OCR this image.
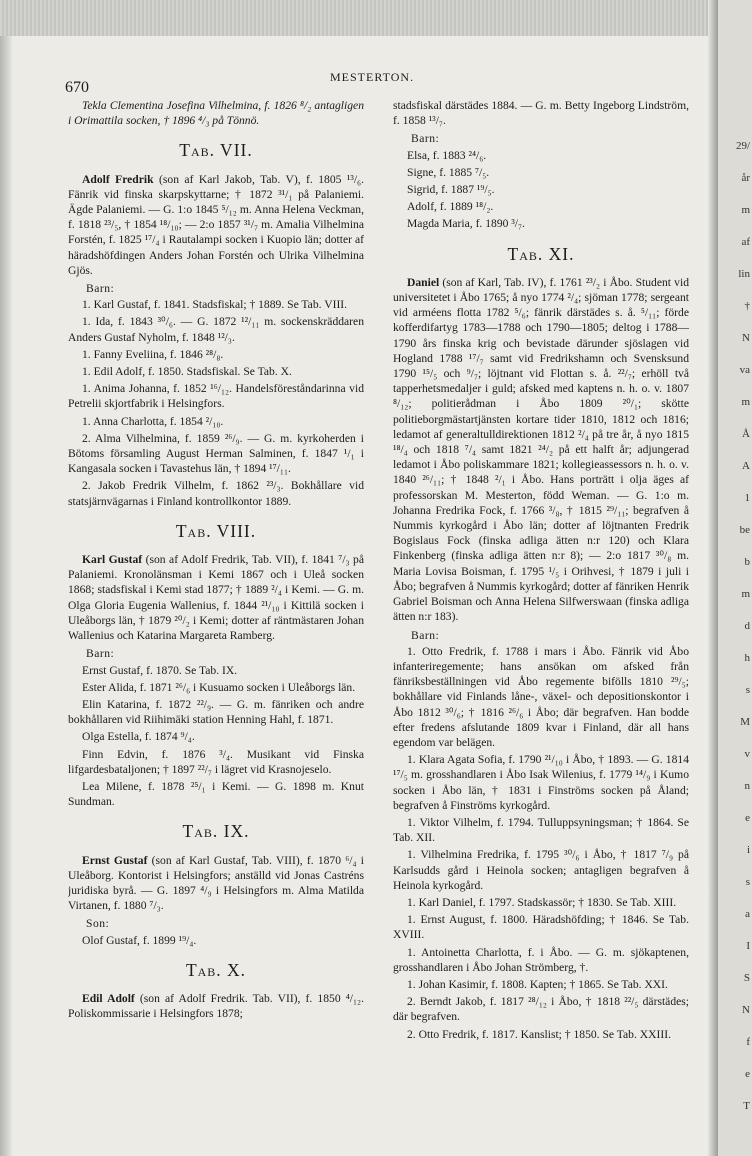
670

MESTERTON.

Tekla Clementina Josefina Vilhelmina, f. 1826 ⁸/₂ antagligen i Orimattila socken, † 1896 ⁴/₃ på Tönnö.

Tab. VII.

Adolf Fredrik (son af Karl Jakob, Tab. V), f. 1805 ¹³/₆. Fänrik vid finska skarpskyttarne; † 1872 ³¹/₁ på Palaniemi. Ägde Palaniemi. — G. 1:o 1845 ⁵/₁₂ m. Anna Helena Veckman, f. 1818 ²³/₅, † 1854 ¹⁸/₁₀; — 2:o 1857 ³¹/₇ m. Amalia Vilhelmina Forstén, f. 1825 ¹⁷/₄ i Rautalampi socken i Kuopio län; dotter af häradshöfdingen Anders Johan Forstén och Ulrika Vilhelmina Gjös.

Barn:

1. Karl Gustaf, f. 1841. Stadsfiskal; † 1889. Se Tab. VIII.

1. Ida, f. 1843 ³⁰/₆. — G. 1872 ¹²/₁₁ m. sockenskräddaren Anders Gustaf Nyholm, f. 1848 ¹²/₃.

1. Fanny Eveliina, f. 1846 ²⁸/₈.

1. Edil Adolf, f. 1850. Stadsfiskal. Se Tab. X.

1. Anima Johanna, f. 1852 ¹⁶/₁₂. Handelsföreståndarinna vid Petrelii skjortfabrik i Helsingfors.

1. Anna Charlotta, f. 1854 ²/₁₀.

2. Alma Vilhelmina, f. 1859 ²⁶/₉. — G. m. kyrkoherden i Bötoms församling August Herman Salminen, f. 1847 ¹/₁ i Kangasala socken i Tavastehus län, † 1894 ¹⁷/₁₁.

2. Jakob Fredrik Vilhelm, f. 1862 ²³/₃. Bokhållare vid statsjärnvägarnas i Finland kontrollkontor 1889.

Tab. VIII.

Karl Gustaf (son af Adolf Fredrik, Tab. VII), f. 1841 ⁷/₃ på Palaniemi. Kronolänsman i Kemi 1867 och i Uleå socken 1868; stadsfiskal i Kemi stad 1877; † 1889 ²/₄ i Kemi. — G. m. Olga Gloria Eugenia Wallenius, f. 1844 ²¹/₁₀ i Kittilä socken i Uleåborgs län, † 1879 ²⁰/₂ i Kemi; dotter af räntmästaren Johan Wallenius och Katarina Margareta Ramberg.

Barn:

Ernst Gustaf, f. 1870. Se Tab. IX.

Ester Alida, f. 1871 ²⁶/₆ i Kusuamo socken i Uleåborgs län.

Elin Katarina, f. 1872 ²²/₉. — G. m. fänriken och andre bokhållaren vid Riihimäki station Henning Hahl, f. 1871.

Olga Estella, f. 1874 ⁹/₄.

Finn Edvin, f. 1876 ³/₄. Musikant vid Finska lifgardesbataljonen; † 1897 ²²/₇ i lägret vid Krasnojeselo.

Lea Milene, f. 1878 ²⁵/₁ i Kemi. — G. 1898 m. Knut Sundman.

Tab. IX.

Ernst Gustaf (son af Karl Gustaf, Tab. VIII), f. 1870 ⁶/₄ i Uleåborg. Kontorist i Helsingfors; anställd vid Jonas Castréns juridiska byrå. — G. 1897 ⁴/₉ i Helsingfors m. Alma Matilda Virtanen, f. 1880 ⁷/₃.

Son:

Olof Gustaf, f. 1899 ¹⁹/₄.

Tab. X.

Edil Adolf (son af Adolf Fredrik. Tab. VII), f. 1850 ⁴/₁₂. Poliskommissarie i Helsingfors 1878;

stadsfiskal därstädes 1884. — G. m. Betty Ingeborg Lindström, f. 1858 ¹³/₇.

Barn:

Elsa, f. 1883 ²⁴/₆.

Signe, f. 1885 ⁷/₅.

Sigrid, f. 1887 ¹⁹/₅.

Adolf, f. 1889 ¹⁸/₂.

Magda Maria, f. 1890 ³/₇.

Tab. XI.

Daniel (son af Karl, Tab. IV), f. 1761 ²³/₂ i Åbo. Student vid universitetet i Åbo 1765; å nyo 1774 ²/₄; sjöman 1778; sergeant vid arméens flotta 1782 ⁵/₆; fänrik därstädes s. å. ⁵/₁₁; förde kofferdifartyg 1783—1788 och 1790—1805; deltog i 1788—1790 års finska krig och bevistade därunder sjöslagen vid Hogland 1788 ¹⁷/₇ samt vid Fredrikshamn och Svensksund 1790 ¹⁵/₅ och ⁹/₇; löjtnant vid Flottan s. å. ²²/₇; erhöll två tapperhetsmedaljer i guld; afsked med kaptens n. h. o. v. 1807 ⁸/₁₂; politierådman i Åbo 1809 ²⁰/₁; skötte politieborgmästartjänsten kortare tider 1810, 1812 och 1816; ledamot af generaltulldirektionen 1812 ²/₄ på tre år, å nyo 1815 ¹⁸/₄ och 1818 ⁷/₄ samt 1821 ²⁴/₂ på ett halft år; adjungerad ledamot i Åbo poliskammare 1821; kollegieassessors n. h. o. v. 1840 ²⁶/₁₁; † 1848 ²/₁ i Åbo. Hans porträtt i olja äges af professorskan M. Mesterton, född Weman. — G. 1:o m. Johanna Fredrika Fock, f. 1766 ³/₈, † 1815 ²⁹/₁₁; begrafven å Nummis kyrkogård i Åbo län; dotter af löjtnanten Fredrik Bogislaus Fock (finska adliga ätten n:r 120) och Klara Finkenberg (finska adliga ätten n:r 8); — 2:o 1817 ³⁰/₈ m. Maria Lovisa Boisman, f. 1795 ¹/₅ i Orihvesi, † 1879 i juli i Åbo; begrafven å Nummis kyrkogård; dotter af fänriken Henrik Gabriel Boisman och Anna Helena Silfwerswaan (finska adliga ätten n:r 183).

Barn:

1. Otto Fredrik, f. 1788 i mars i Åbo. Fänrik vid Åbo infanteriregemente; hans ansökan om afsked från fänriksbeställningen vid Åbo regemente bifölls 1810 ²⁹/₅; bokhållare vid Finlands låne-, växel- och depositionskontor i Åbo 1812 ³⁰/₆; † 1816 ²⁶/₆ i Åbo; där begrafven. Han bodde efter fredens afslutande 1809 kvar i Finland, där all hans egendom var belägen.

1. Klara Agata Sofia, f. 1790 ²¹/₁₀ i Åbo, † 1893. — G. 1814 ¹⁷/₅ m. grosshandlaren i Åbo Isak Wilenius, f. 1779 ¹⁴/₉ i Kumo socken i Åbo län, † 1831 i Finströms socken på Åland; begrafven å Finströms kyrkogård.

1. Viktor Vilhelm, f. 1794. Tulluppsyningsman; † 1864. Se Tab. XII.

1. Vilhelmina Fredrika, f. 1795 ³⁰/₆ i Åbo, † 1817 ⁷/₉ på Karlsudds gård i Heinola socken; antagligen begrafven å Heinola kyrkogård.

1. Karl Daniel, f. 1797. Stadskassör; † 1830. Se Tab. XIII.

1. Ernst August, f. 1800. Häradshöfding; † 1846. Se Tab. XVIII.

1. Antoinetta Charlotta, f. i Åbo. — G. m. sjökaptenen, grosshandlaren i Åbo Johan Strömberg, †.

1. Johan Kasimir, f. 1808. Kapten; † 1865. Se Tab. XXI.

2. Berndt Jakob, f. 1817 ²⁸/₁₂ i Åbo, † 1818 ²²/₅ därstädes; där begrafven.

2. Otto Fredrik, f. 1817. Kanslist; † 1850. Se Tab. XXIII.

29/

år

m

af

lin

†

N

va

m

Å

A

1

be

b

m

d

h

s

M

v

n

e

i

s

a

I

S

N

f

e

T
